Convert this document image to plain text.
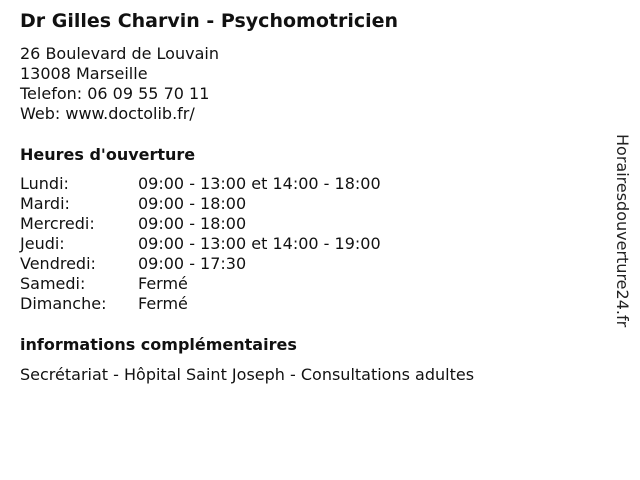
Dr Gilles Charvin - Psychomotricien
26 Boulevard de Louvain
13008 Marseille
Telefon: 06 09 55 70 11
Web: www.doctolib.fr/
Heures d'ouverture
Lundi:	09:00 - 13:00 et 14:00 - 18:00
Mardi:	09:00 - 18:00
Mercredi:	09:00 - 18:00
Jeudi:	09:00 - 13:00 et 14:00 - 19:00
Vendredi:	09:00 - 17:30
Samedi:	Fermé
Dimanche: Fermé
informations complémentaires
Secrétariat - Hôpital Saint Joseph - Consultations adultes
Horairesdouverture24.fr
